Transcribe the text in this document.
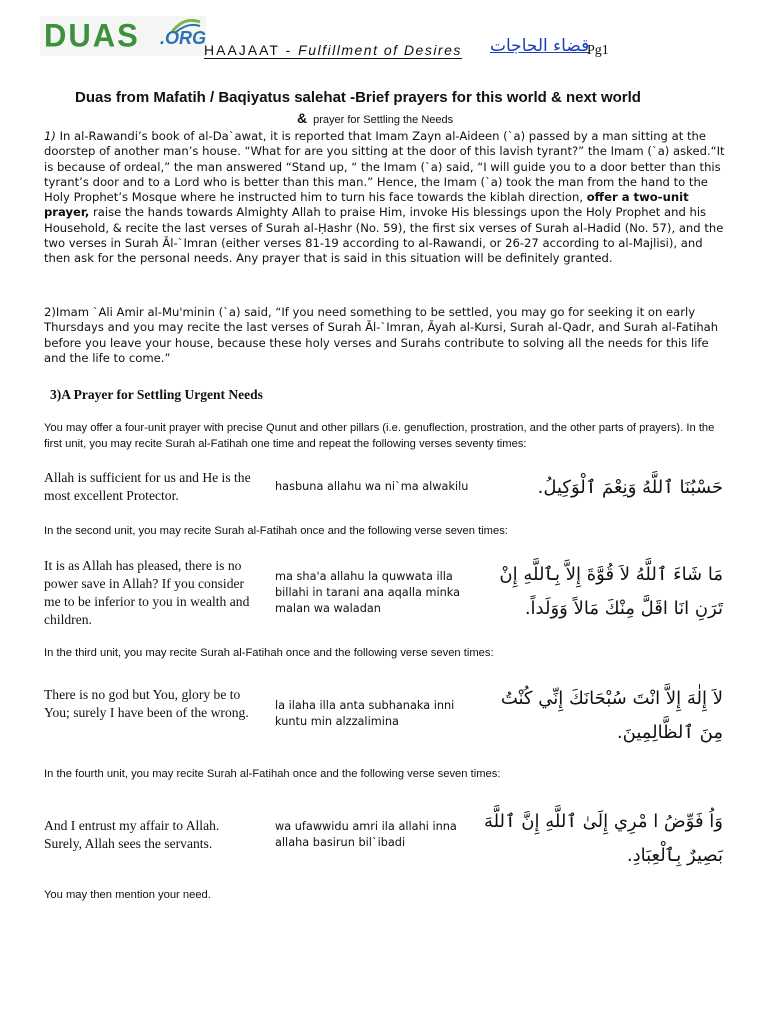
DUAS .ORG
HAAJAAT - Fulfillment of Desires قضاء الحاجات
Pg1
Duas from Mafatih / Baqiyatus salehat -Brief prayers for this world & next world
& prayer for Settling the Needs
1) In al-Rawandi’s book of al-Da`awat, it is reported that Imam Zayn al-Aideen (`a) passed by a man sitting at the doorstep of another man’s house. “What for are you sitting at the door of this lavish tyrant?” the Imam (`a) asked.“It is because of ordeal,” the man answered “Stand up, “ the Imam (`a) said, “I will guide you to a door better than this tyrant’s door and to a Lord who is better than this man.” Hence, the Imam (`a) took the man from the hand to the Holy Prophet’s Mosque where he instructed him to turn his face towards the kiblah direction, offer a two-unit prayer, raise the hands towards Almighty Allah to praise Him, invoke His blessings upon the Holy Prophet and his Household, & recite the last verses of Surah al-Ḥashr (No. 59), the first six verses of Surah al-Hadid (No. 57), and the two verses in Surah Āl-`Imran (either verses 81-19 according to al-Rawandi, or 26-27 according to al-Majlisi), and then ask for the personal needs. Any prayer that is said in this situation will be definitely granted.
2)Imam `Ali Amir al-Mu'minin (`a) said, “If you need something to be settled, you may go for seeking it on early Thursdays and you may recite the last verses of Surah Āl-`Imran, Āyah al-Kursi, Surah al-Qadr, and Surah al-Fatihah before you leave your house, because these holy verses and Surahs contribute to solving all the needs for this life and the life to come.”
3)A Prayer for Settling Urgent Needs
You may offer a four-unit prayer with precise Qunut and other pillars (i.e. genuflection, prostration, and the other parts of prayers). In the first unit, you may recite Surah al-Fatihah one time and repeat the following verses seventy times:
Allah is sufficient for us and He is the most excellent Protector.
hasbuna allahu wa ni`ma alwakilu	حَسْبُنَا ٱللَّهُ وَنِعْمَ ٱلْوَكِيلُ.
In the second unit, you may recite Surah al-Fatihah once and the following verse seven times:
It is as Allah has pleased, there is no power save in Allah? If you consider me to be inferior to you in wealth and children.
ma sha'a allahu la quwwata illa billahi in tarani ana aqalla minka malan wa waladan
مَا شَاءَ ٱللَّهُ لاَ قُوَّةَ إِلاَّ بِٱللَّهِ إِنْ تَرَنِ انَا اقَلَّ مِنْكَ مَالاً وَوَلَداً.
In the third unit, you may recite Surah al-Fatihah once and the following verse seven times:
There is no god but You, glory be to You; surely I have been of the wrong.	la ilaha illa anta subhanaka inni kuntu min alzzalimina
لاَ إِلٰهَ إِلاَّ انْتَ سُبْحَانَكَ إِنِّي كُنْتُ مِنَ ٱلظَّالِمِينَ.
In the fourth unit, you may recite Surah al-Fatihah once and the following verse seven times:
And I entrust my affair to Allah. Surely, Allah sees the servants.
wa ufawwidu amri ila allahi inna allaha basirun bil`ibadi
وَاُ فَوِّضُ ا مْرِي إِلَىٰ ٱللَّهِ إِنَّ ٱللَّهَ بَصِيرٌ بِٱلْعِبَادِ.
You may then mention your need.
